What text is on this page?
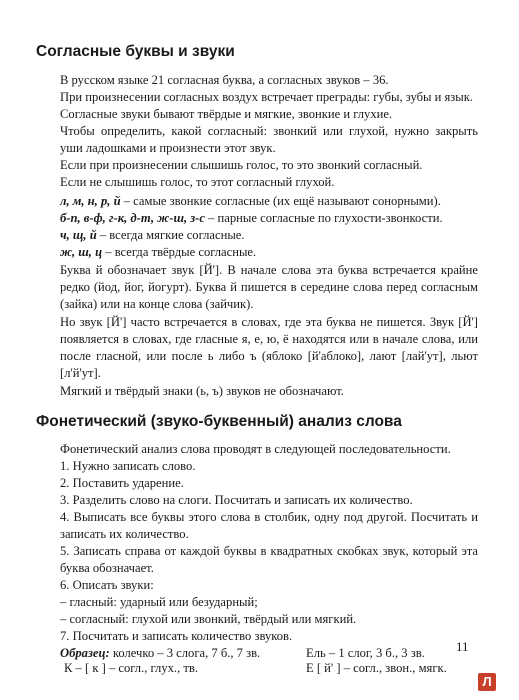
Согласные буквы и звуки

В русском языке 21 согласная буква, а согласных звуков – 36.

При произнесении согласных воздух встречает преграды: губы, зубы и язык.

Согласные звуки бывают твёрдые и мягкие, звонкие и глухие.

Чтобы определить, какой согласный: звонкий или глухой, нужно закрыть уши ладошками и произнести этот звук.

Если при произнесении слышишь голос, то это звонкий согласный.

Если не слышишь голос, то этот согласный глухой.

л, м, н, р, й – самые звонкие согласные (их ещё называют сонорными).

б-п, в-ф, г-к, д-т, ж-ш, з-с – парные согласные по глухости-звонкости.

ч, щ, й – всегда мягкие согласные.

ж, ш, ц – всегда твёрдые согласные.

Буква й обозначает звук [Й']. В начале слова эта буква встречается крайне редко (йод, йог, йогурт). Буква й пишется в середине слова перед согласным (зайка) или на конце слова (зайчик).

Но звук [Й'] часто встречается в словах, где эта буква не пишется. Звук [Й'] появляется в словах, где гласные я, е, ю, ё находятся или в начале слова, или после гласной, или после ь либо ъ (яблоко [й'аблоко], лают [лай'ут], льют [л'й'ут].

Мягкий и твёрдый знаки (ь, ъ) звуков не обозначают.

Фонетический (звуко-буквенный) анализ слова

Фонетический анализ слова проводят в следующей последовательности.

1. Нужно записать слово.

2. Поставить ударение.

3. Разделить слово на слоги. Посчитать и записать их количество.

4. Выписать все буквы этого слова в столбик, одну под другой. Посчитать и записать их количество.

5. Записать справа от каждой буквы в квадратных скобках звук, который эта буква обозначает.

6. Описать звуки:

– гласный: ударный или безударный;

– согласный: глухой или звонкий, твёрдый или мягкий.

7. Посчитать и записать количество звуков.

Образец: колечко – 3 слога, 7 б., 7 зв.	Ель – 1 слог, 3 б., 3 зв.
Е [ й' ] – согл., звон., мягк.
К – [ к ] – согл., глух., тв.
11
Л
